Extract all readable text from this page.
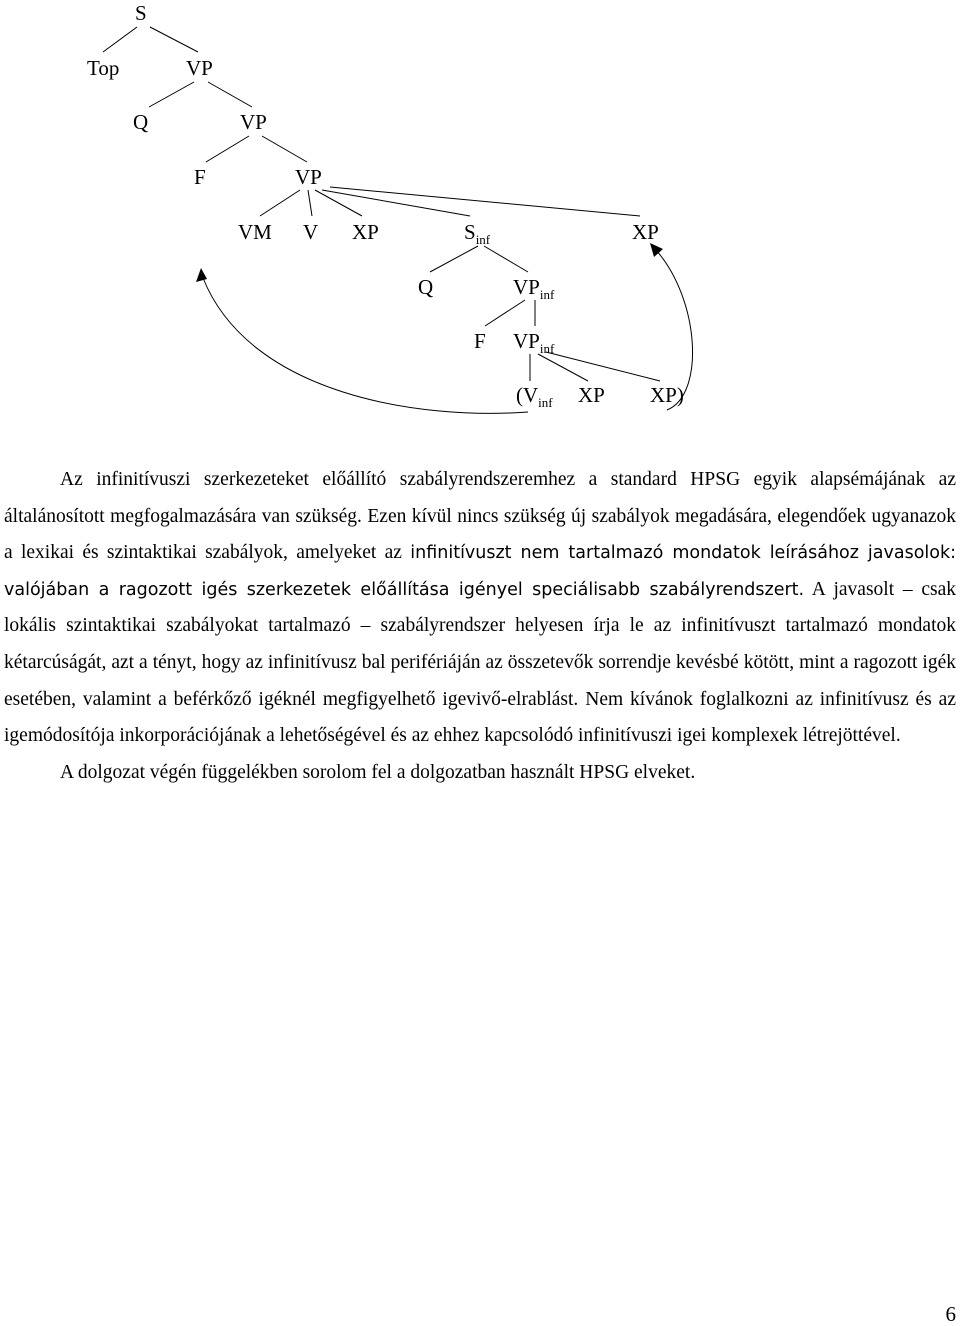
S
Top	VP
Q	VP
F	VP
VM V XP	$S_{inf}$	XP
Q	$VP_{inf}$
F $VP_{inf}$
($V_{inf}$ XP XP)

Az infinitívuszi szerkezeteket előállító szabályrendszeremhez a standard HPSG egyik alapsémájának az általánosított megfogalmazására van szükség. Ezen kívül nincs szükség új szabályok megadására, elegendőek ugyanazok a lexikai és szintaktikai szabályok, amelyeket az infinitívuszt nem tartalmazó mondatok leírásához javasolok: valójában a ragozott igés szerkezetek előállítása igényel speciálisabb szabályrendszert. A javasolt – csak lokális szintaktikai szabályokat tartalmazó – szabályrendszer helyesen írja le az infinitívuszt tartalmazó mondatok kétarcúságát, azt a tényt, hogy az infinitívusz bal perifériáján az összetevők sorrendje kevésbé kötött, mint a ragozott igék esetében, valamint a beférkőző igéknél megfigyelhető igevivő-elrablást. Nem kívánok foglalkozni az infinitívusz és az igemódosítója inkorporációjának a lehetőségével és az ehhez kapcsolódó infinitívuszi igei komplexek létrejöttével.

A dolgozat végén függelékben sorolom fel a dolgozatban használt HPSG elveket.

6
